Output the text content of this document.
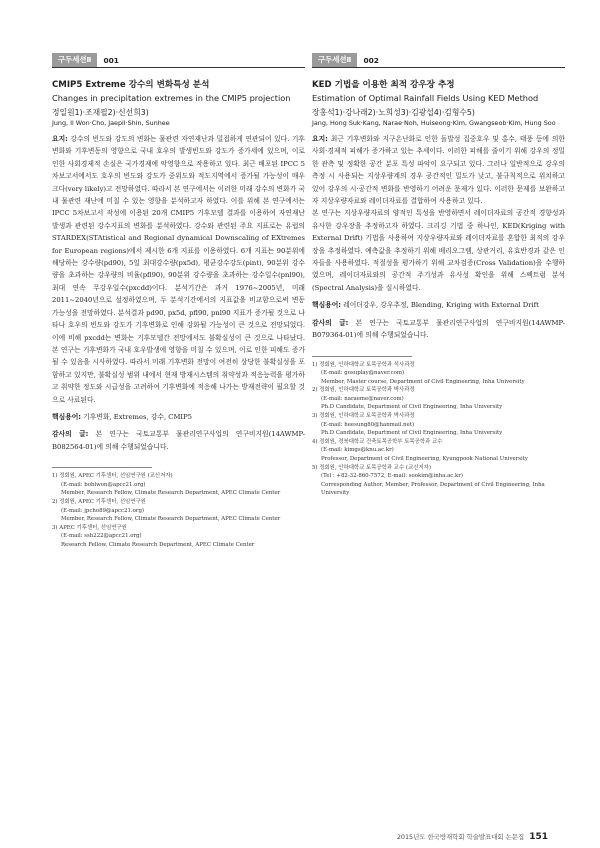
구두세션Ⅱ	001

CMIP5 Extreme 강수의 변화특성 분석

Changes in precipitation extremes in the CMIP5 projection

정일원1)·조재필2)·신선희3)

Jung, Il Won·Cho, Jaepil·Shin, Sunhee

요지: 강수의 빈도와 강도의 변화는 물관련 자연재난과 밀접하게 연관되어 있다. 기후변화와 기후변동의 영향으로 국내 호우의 발생빈도와 강도가 증가세에 있으며, 이로 인한 사회경제적 손실은 국가경제에 악영향으로 작용하고 있다. 최근 배포된 IPCC 5차보고서에서도 호우의 빈도와 강도가 중위도와 적도지역에서 증가될 가능성이 매우 크다(very likely)고 전망하였다. 따라서 본 연구에서는 이러한 미래 강수의 변화가 국내 물관련 재난에 미칠 수 있는 영향을 분석하고자 하였다. 이를 위해 본 연구에서는 IPCC 5차보고서 작성에 이용된 20개 CMIP5 기후모델 결과를 이용하여 자연재난 발생과 관련된 강수지표의 변화를 분석하였다. 강수와 관련된 주요 지표로는 유럽의 STARDEX(STAtistical and Regional dynamical Downscaling of EXtremes for European regions)에서 제시한 6개 지표를 이용하였다. 6개 지표는 90분위에 해당하는 강수량(pd90), 5일 최대강수량(px5d), 평균강수강도(pint), 90분위 강수량을 초과하는 강우량의 비율(pfl90), 90분위 강수량을 초과하는 강수일수(pnl90), 최대 연속 무강우일수(pxcdd)이다. 분석기간은 과거 1976~2005년, 미래 2011~2040년으로 설정하였으며, 두 분석기간에서의 지표값을 비교함으로써 변동 가능성을 전망하였다. 분석결과 pd90, px5d, pfl90, pnl90 지표가 증가될 것으로 나타나 호우의 빈도와 강도가 기후변화로 인해 강화될 가능성이 큰 것으로 전망되었다. 이에 비해 pxcdd는 변화는 기후모델간 전망에서도 불확실성이 큰 것으로 나타났다. 본 연구는 기후변화가 국내 호우발생에 영향을 미칠 수 있으며, 이로 인한 피해도 증가될 수 있음을 시사하였다. 따라서 미래 기후변화 전망이 여전히 상당한 불확실성을 포함하고 있지만, 불확실성 범위 내에서 현재 방재시스템의 취약성과 적응능력을 평가하고 취약한 정도와 시급성을 고려하여 기후변화에 적응해 나가는 방재전략이 필요할 것으로 사료된다.

핵심용어: 기후변화, Extremes, 강수, CMIP5

감사의 글: 본 연구는 국토교통부 물관리연구사업의 연구비지원(14AWMP-B082564-01)에 의해 수행되었습니다.

1) 정회원, APEC 기후센터, 선임연구원 (교신저자)
(E-mail: boblwon@apcc21.org)
Member, Research Fellow, Climate Research Department, APEC Climate Center

2) 정회원, APEC 기후센터, 선임연구원
(E-mail: jpcho89@apcc21.org)
Member, Research Fellow, Climate Research Department, APEC Climate Center

3) APEC 기후센터, 선임연구원
(E-mail: ssh222@apcc21.org)
Research Fellow, Climate Research Department, APEC Climate Center

구두세션Ⅱ	002

KED 기법을 이용한 최적 강우장 추정

Estimation of Optimal Rainfall Fields Using KED Method

장홍석1)·강나래2)·노희성3)·김광섭4)·김형수5)

Jang, Hong Suk·Kang, Narae·Noh, Huiseong·Kim, Gwangseob·Kim, Hung Soo

요지: 최근 기후변화와 지구온난화로 인한 돌발성 집중호우 및 홍수, 태풍 등에 의한 사회·경제적 피해가 증가하고 있는 추세이다. 이러한 피해를 줄이기 위해 강우의 정밀한 관측 및 정확한 공간 분포 특성 파악이 요구되고 있다. 그러나 일반적으로 강우의 측정 시 사용되는 지상우량계의 경우 공간적인 밀도가 낮고, 불규칙적으로 위치하고 있어 강우의 시·공간적 변화를 반영하기 어려운 문제가 있다. 이러한 문제를 보완하고자 지상우량자료와 레이더자료를 결합하여 사용하고 있다.

본 연구는 지상우량자료의 양적인 특성을 반영하면서 레이더자료의 공간적 경향성과 유사한 강우장을 추정하고자 하였다. 크리깅 기법 중 하나인, KED(Kriging with External Drift) 기법을 사용하여 지상우량자료와 레이더자료를 혼합한 최적의 강우장을 추정하였다. 예측값을 추정하기 위해 베리오그램, 상관거리, 유효반경과 같은 인자들을 사용하였다. 적절성을 평가하기 위해 교차검증(Cross Validation)을 수행하였으며, 레이더자료와의 공간적 주기성과 유사성 확인을 위해 스펙트럼 분석(Spectral Analysis)을 실시하였다.

핵심용어: 레이더강우, 강우추정, Blending, Kriging with External Drift

감사의 글: 본 연구는 국토교통부 물관리연구사업의 연구비지원(14AWMP-B079364-01)에 의해 수행되었습니다.

1) 정회원, 인하대학교 토목공학과 석사과정
(E-mail: gosuplay@naver.com)
Member, Master course, Department of Civil Engineering, Inha University

2) 정회원, 인하대학교 토목공학과 박사과정
(E-mail: naraeme@naver.com)
Ph.D Candidate, Department of Civil Engineering, Inha University

3) 정회원, 인하대학교 토목공학과 박사과정
(E-mail: heesung80@hanmail.net)
Ph.D Candidate, Department of Civil Engineering, Inha University

4) 정회원, 경북대학교 건축토목공학부 토목공학과 교수
(E-mail: kimgs@knu.ac.kr)
Professor, Department of Civil Engineering, Kyungpook National University

5) 정회원, 인하대학교 토목공학과 교수 (교신저자)
(Tel : +82-32-860-7572, E-mail: sookim@inha.ac.kr)
Corresponding Author, Member, Professor, Department of Civil Engineering, Inha University

2015년도 한국방재학회 학술발표대회 논문집 151
